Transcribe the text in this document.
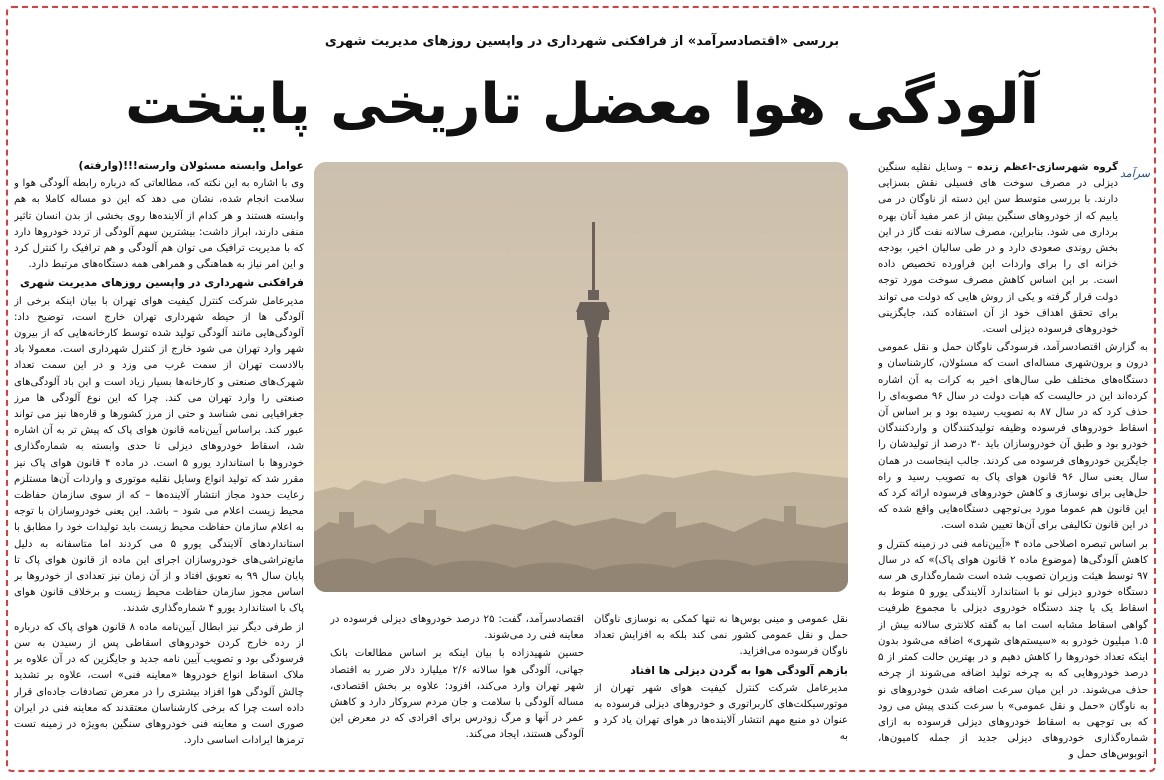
بررسی «اقتصادسرآمد» از فرافکنی شهرداری در واپسین روزهای مدیریت شهری
آلودگی هوا معضل تاریخی پایتخت
سرآمد

گروه شهرسازی-اعظم زنده – وسایل نقلیه سنگین دیزلی در مصرف سوخت های فسیلی نقش بسزایی دارند. با بررسی متوسط سن این دسته از ناوگان در می یابیم که از خودروهای سنگین بیش از عمر مفید آنان بهره برداری می شود. بنابراین، مصرف سالانه نفت گاز در این بخش روندی صعودی دارد و در طی سالیان اخیر، بودجه خزانه ای را برای واردات این فراورده تخصیص داده است. بر این اساس کاهش مصرف سوخت مورد توجه دولت قرار گرفته و یکی از روش هایی که دولت می تواند برای تحقق اهداف خود از آن استفاده کند، جایگزینی خودروهای فرسوده دیزلی است.

به گزارش اقتصادسرآمد، فرسودگی ناوگان حمل و نقل عمومی درون و برون‌شهری مساله‌ای است که مسئولان، کارشناسان و دستگاه‌های مختلف طی سال‌های اخیر به کرات به آن اشاره کرده‌اند این در حالیست که هیات دولت در سال ۹۶ مصوبه‌ای را حذف کرد که در سال ۸۷ به تصویب رسیده بود و بر اساس آن اسقاط خودروهای فرسوده وظیفه تولیدکنندگان و واردکنندگان خودرو بود و طبق آن خودروسازان باید ۳۰ درصد از تولیدشان را جایگزین خودروهای فرسوده می کردند. جالب اینجاست در همان سال یعنی سال ۹۶ قانون هوای پاک به تصویب رسید و راه حل‌هایی برای نوسازی و کاهش خودروهای فرسوده ارائه کرد که این قانون هم عموما مورد بی‌توجهی دستگاه‌هایی واقع شده که در این قانون تکالیفی برای آن‌ها تعیین شده است.

بر اساس تبصره اصلاحی ماده ۴ «آیین‌نامه فنی در زمینه کنترل و کاهش آلودگی‌ها (موضوع ماده ۲ قانون هوای پاک)» که در سال ۹۷ توسط هیئت وزیران تصویب شده است شماره‌گذاری هر سه دستگاه خودرو دیزلی نو با استاندارد آلایندگی یورو ۵ منوط به اسقاط یک یا چند دستگاه خودروی دیزلی با مجموع ظرفیت گواهی اسقاط مشابه است اما به گفته کلانتری سالانه بیش از ۱.۵ میلیون خودرو به «سیستم‌های شهری» اضافه می‌شود بدون اینکه تعداد خودروها را کاهش دهیم و در بهترین حالت کمتر از ۵ درصد خودروهایی که به چرخه تولید اضافه می‌شوند از چرخه حذف می‌شوند. در این میان سرعت اضافه شدن خودروهای نو به ناوگان «حمل و نقل عمومی» با سرعت کندی پیش می رود که بی توجهی به اسقاط خودروهای دیزلی فرسوده به ازای شماره‌گذاری خودروهای دیزلی جدید از جمله کامیون‌ها، اتوبوس‌های حمل و

عوامل وابسته مسئولان وارسته!!!(وارفته)

وی با اشاره به این نکته که، مطالعاتی که درباره رابطه آلودگی هوا و سلامت انجام شده، نشان می دهد که این دو مساله کاملا به هم وابسته هستند و هر کدام از آلاینده‌ها روی بخشی از بدن انسان تاثیر منفی دارند، ابراز داشت: بیشترین سهم آلودگی از تردد خودروها دارد که با مدیریت ترافیک می توان هم آلودگی و هم ترافیک را کنترل کرد و این امر نیاز به هماهنگی و همراهی همه دستگاه‌های مرتبط دارد.

فرافکنی شهرداری در واپسین روزهای مدیریت شهری

مدیرعامل شرکت کنترل کیفیت هوای تهران با بیان اینکه برخی از آلودگی ها از حیطه شهرداری تهران خارج است، توضیح داد: آلودگی‌هایی مانند آلودگی تولید شده توسط کارخانه‌هایی که از بیرون شهر وارد تهران می شود خارج از کنترل شهرداری است. معمولا باد بالادست تهران از سمت غرب می وزد و در این سمت تعداد شهرک‌های صنعتی و کارخانه‌ها بسیار زیاد است و این باد آلودگی‌های صنعتی را وارد تهران می کند. چرا که این نوع آلودگی ها مرز جغرافیایی نمی شناسد و حتی از مرز کشورها و قاره‌ها نیز می تواند عبور کند. براساس آیین‌نامه قانون هوای پاک که پیش تر به آن اشاره شد، اسقاط خودروهای دیزلی تا حدی وابسته به شماره‌گذاری خودروها با استاندارد یورو ۵ است. در ماده ۴ قانون هوای پاک نیز مقرر شد که تولید انواع وسایل نقلیه موتوری و واردات آن‌ها مستلزم رعایت حدود مجاز انتشار آلاینده‌ها – که از سوی سازمان حفاظت محیط زیست اعلام می شود – باشد. این یعنی خودروسازان با توجه به اعلام سازمان حفاظت محیط زیست باید تولیدات خود را مطابق با استانداردهای آلایندگی یورو ۵ می کردند اما متاسفانه به دلیل مانع‌تراشی‌های خودروسازان اجرای این ماده از قانون هوای پاک تا پایان سال ۹۹ به تعویق افتاد و از آن زمان نیز تعدادی از خودروها بر اساس مجوز سازمان حفاظت محیط زیست و برخلاف قانون هوای پاک با استاندارد یورو ۴ شماره‌گذاری شدند.

از طرفی دیگر نیز ابطال آیین‌نامه ماده ۸ قانون هوای پاک که درباره از رده خارج کردن خودروهای اسقاطی پس از رسیدن به سن فرسودگی بود و تصویب آیین نامه جدید و جایگزین که در آن علاوه بر ملاک اسقاط انواع خودروها «معاینه فنی» است، علاوه بر تشدید چالش آلودگی هوا افزاد بیشتری را در معرض تصادفات جاده‌ای قرار داده است چرا که برخی کارشناسان معتقدند که معاینه فنی در ایران صوری است و معاینه فنی خودروهای سنگین به‌ویژه در زمینه تست ترمزها ایرادات اساسی دارد.

نقل عمومی و مینی بوس‌ها نه تنها کمکی به نوسازی ناوگان حمل و نقل عمومی کشور نمی کند بلکه به افزایش تعداد ناوگان فرسوده می‌افزاید.

بازهم آلودگی هوا به گردن دیزلی ها افتاد

مدیرعامل شرکت کنترل کیفیت هوای شهر تهران از موتورسیکلت‌های کاربراتوری و خودروهای دیزلی فرسوده به عنوان دو منبع مهم انتشار آلاینده‌ها در هوای تهران یاد کرد و به

اقتصادسرآمد، گفت: ۲۵ درصد خودروهای دیزلی فرسوده در معاینه فنی رد می‌شوند.

حسین شهیدزاده با بیان اینکه بر اساس مطالعات بانک جهانی، آلودگی هوا سالانه ۲/۶ میلیارد دلار ضرر به اقتصاد شهر تهران وارد می‌کند، افزود: علاوه بر بخش اقتصادی، مساله آلودگی با سلامت و جان مردم سروکار دارد و کاهش عمر در آنها و مرگ زودرس برای افرادی که در معرض این آلودگی هستند، ایجاد می‌کند.
